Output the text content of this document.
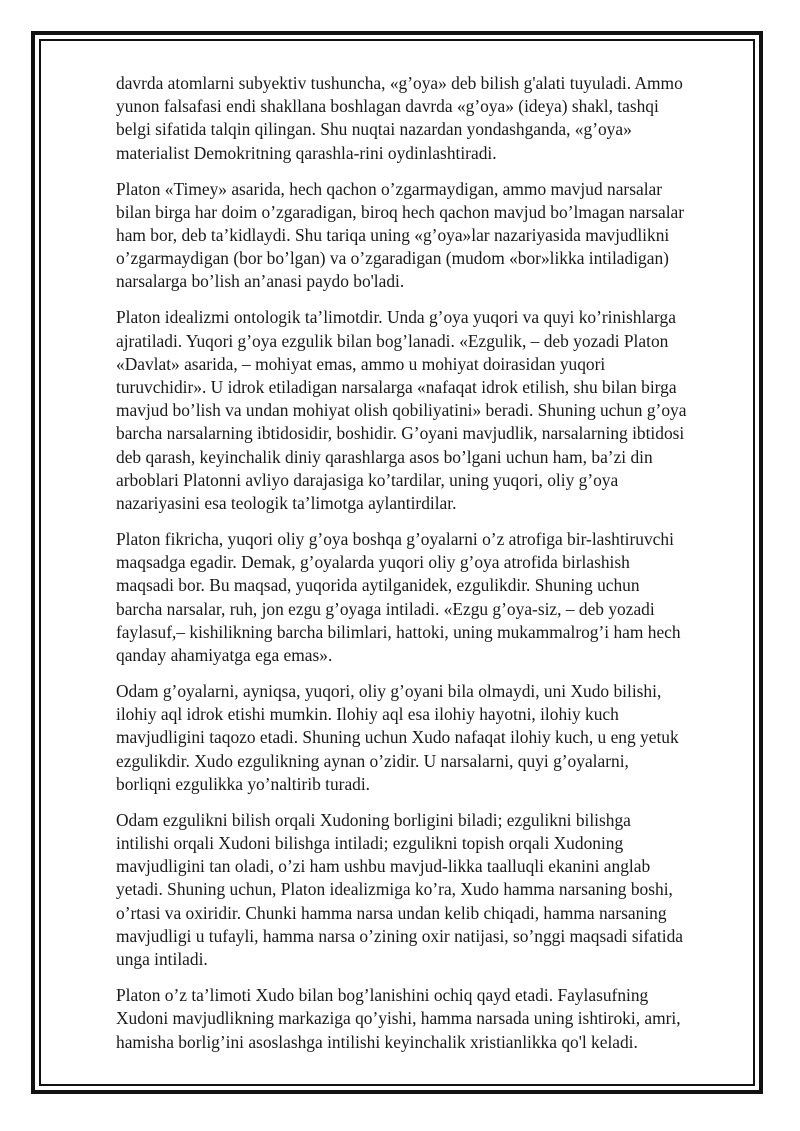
davrda atomlarni subyektiv tushuncha, «g’oya» deb bilish g'alati tuyuladi. Ammo yunon falsafasi endi shakllana boshlagan davrda «g’oya» (ideya) shakl, tashqi belgi sifatida talqin qilingan. Shu nuqtai nazardan yondashganda, «g’oya» materialist Demokritning qarashla-rini oydinlashtiradi.

Platon «Timey» asarida, hech qachon o’zgarmaydigan, ammo mavjud narsalar bilan birga har doim o’zgaradigan, biroq hech qachon mavjud bo’lmagan narsalar ham bor, deb ta’kidlaydi. Shu tariqa uning «g’oya»lar nazariyasida mavjudlikni o’zgarmaydigan (bor bo’lgan) va o’zgaradigan (mudom «bor»likka intiladigan) narsalarga bo’lish an’anasi paydo bo'ladi.

Platon idealizmi ontologik ta’limotdir. Unda g’oya yuqori va quyi ko’rinishlarga ajratiladi. Yuqori g’oya ezgulik bilan bog’lanadi. «Ezgulik, – deb yozadi Platon «Davlat» asarida, – mohiyat emas, ammo u mohiyat doirasidan yuqori turuvchidir». U idrok etiladigan narsalarga «nafaqat idrok etilish, shu bilan birga mavjud bo’lish va undan mohiyat olish qobiliyatini» beradi. Shuning uchun g’oya barcha narsalarning ibtidosidir, boshidir. G’oyani mavjudlik, narsalarning ibtidosi deb qarash, keyinchalik diniy qarashlarga asos bo’lgani uchun ham, ba’zi din arboblari Platonni avliyo darajasiga ko’tardilar, uning yuqori, oliy g’oya nazariyasini esa teologik ta’limotga aylantirdilar.

Platon fikricha, yuqori oliy g’oya boshqa g’oyalarni o’z atrofiga bir-lashtiruvchi maqsadga egadir. Demak, g’oyalarda yuqori oliy g’oya atrofida birlashish maqsadi bor. Bu maqsad, yuqorida aytilganidek, ezgulikdir. Shuning uchun barcha narsalar, ruh, jon ezgu g’oyaga intiladi. «Ezgu g’oya-siz, – deb yozadi faylasuf,– kishilikning barcha bilimlari, hattoki, uning mukammalrog’i ham hech qanday ahamiyatga ega emas».

Odam g’oyalarni, ayniqsa, yuqori, oliy g’oyani bila olmaydi, uni Xudo bilishi, ilohiy aql idrok etishi mumkin. Ilohiy aql esa ilohiy hayotni, ilohiy kuch mavjudligini taqozo etadi. Shuning uchun Xudo nafaqat ilohiy kuch, u eng yetuk ezgulikdir. Xudo ezgulikning aynan o’zidir. U narsalarni, quyi g’oyalarni, borliqni ezgulikka yo’naltirib turadi.

Odam ezgulikni bilish orqali Xudoning borligini biladi; ezgulikni bilishga intilishi orqali Xudoni bilishga intiladi; ezgulikni topish orqali Xudoning mavjudligini tan oladi, o’zi ham ushbu mavjud-likka taalluqli ekanini anglab yetadi. Shuning uchun, Platon idealizmiga ko’ra, Xudo hamma narsaning boshi, o’rtasi va oxiridir. Chunki hamma narsa undan kelib chiqadi, hamma narsaning mavjudligi u tufayli, hamma narsa o’zining oxir natijasi, so’nggi maqsadi sifatida unga intiladi.

Platon o’z ta’limoti Xudo bilan bog’lanishini ochiq qayd etadi. Faylasufning Xudoni mavjudlikning markaziga qo’yishi, hamma narsada uning ishtiroki, amri, hamisha borlig’ini asoslashga intilishi keyinchalik xristianlikka qo'l keladi.
